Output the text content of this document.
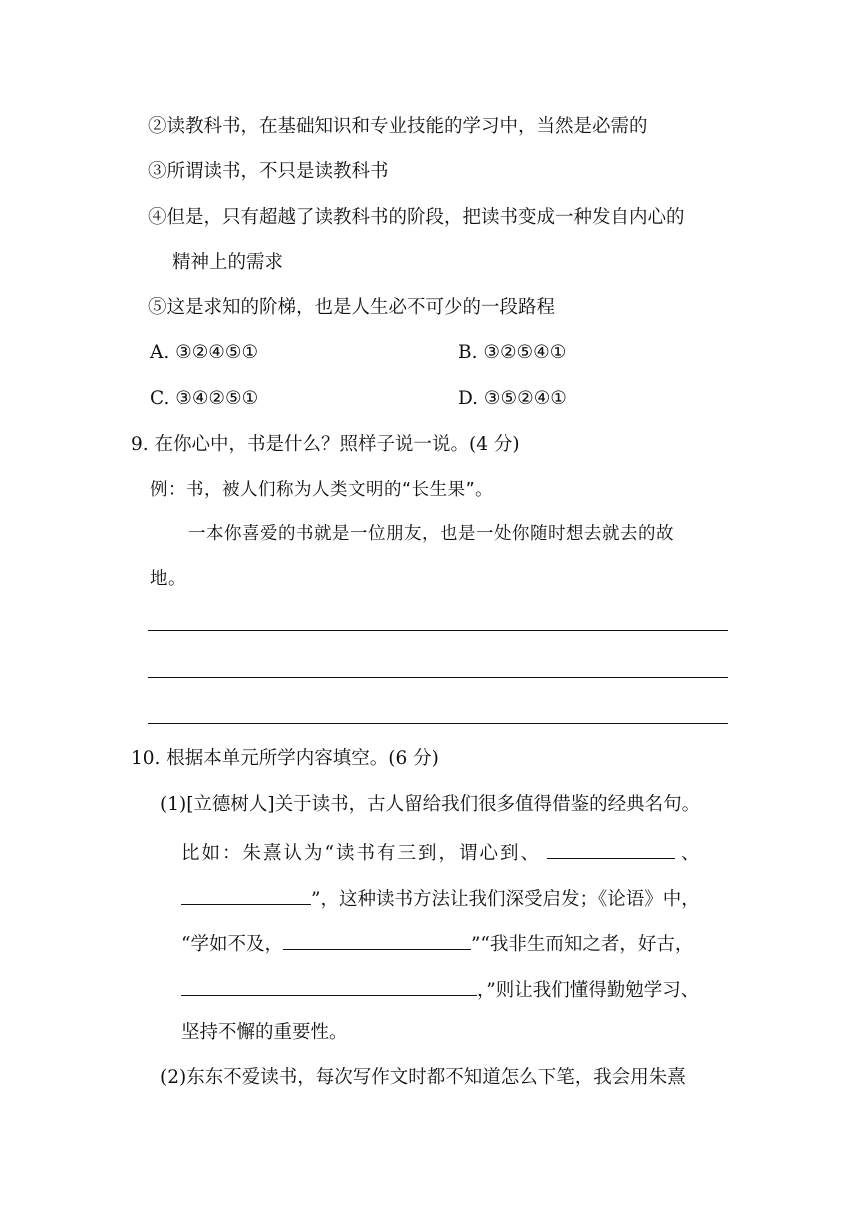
②读教科书，在基础知识和专业技能的学习中，当然是必需的
③所谓读书，不只是读教科书
④但是，只有超越了读教科书的阶段，把读书变成一种发自内心的
精神上的需求
⑤这是求知的阶梯，也是人生必不可少的一段路程
A. ③②④⑤①	B. ③②⑤④①
C. ③④②⑤①	D. ③⑤②④①
9. 在你心中，书是什么？照样子说一说。(4 分)
例：书，被人们称为人类文明的“长生果”。
一本你喜爱的书就是一位朋友，也是一处你随时想去就去的故
地。
10. 根据本单元所学内容填空。(6 分)
(1)[立德树人]关于读书，古人留给我们很多值得借鉴的经典名句。
比如：朱熹认为“读书有三到，谓心到、	、
”，这种读书方法让我们深受启发；《论语》中，
“学如不及，	”“我非生而知之者，好古，
，”则让我们懂得勤勉学习、
坚持不懈的重要性。
(2)东东不爱读书，每次写作文时都不知道怎么下笔，我会用朱熹
